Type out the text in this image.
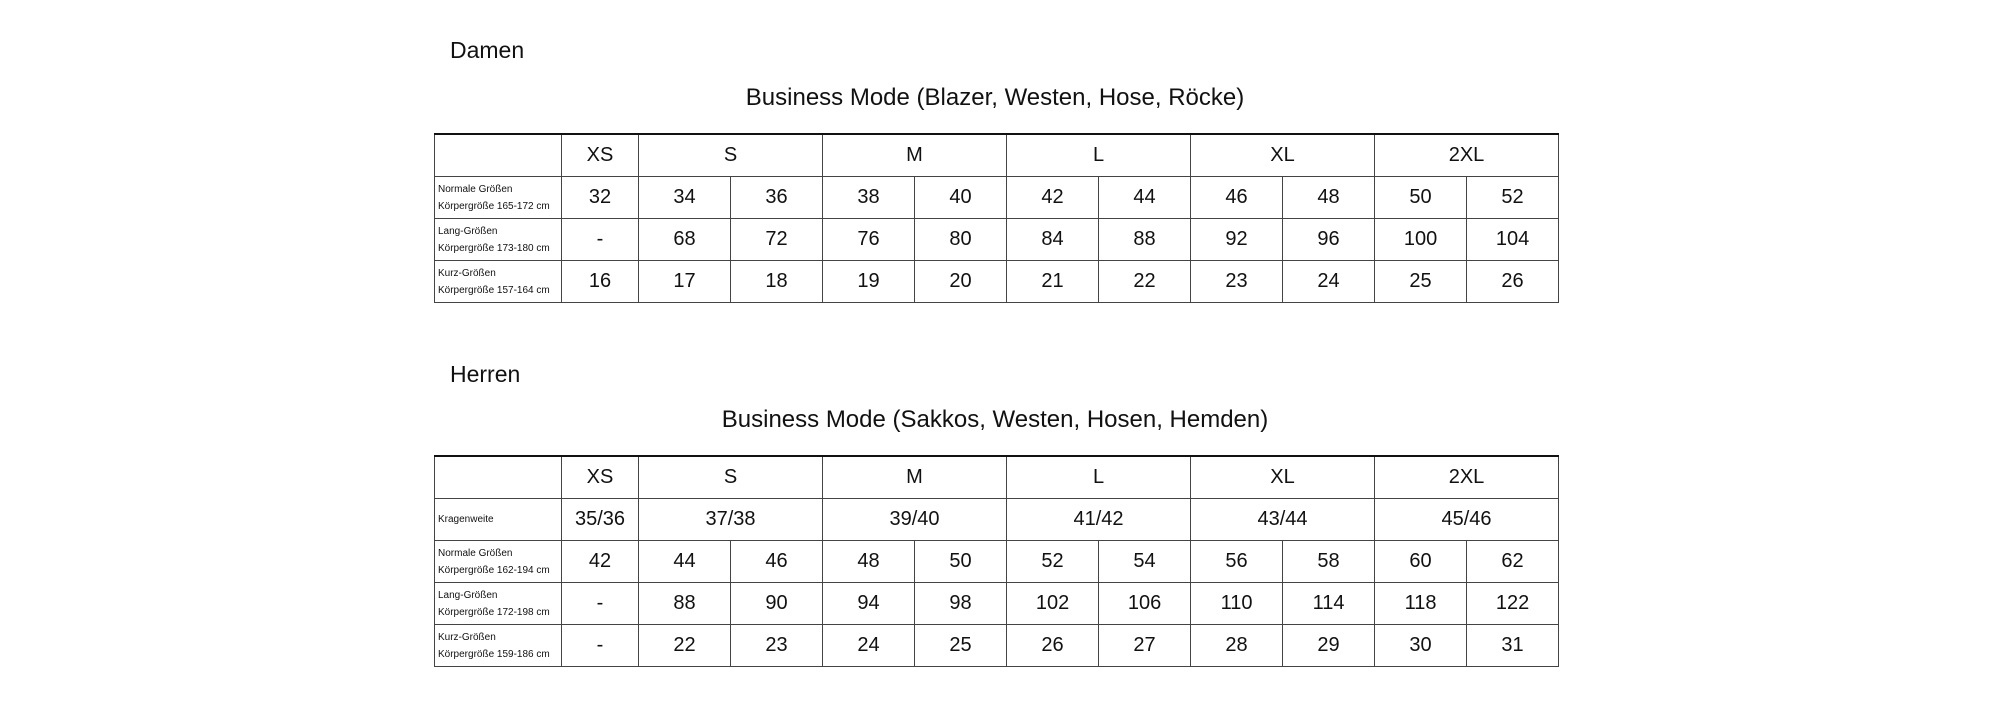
Damen
Business Mode (Blazer, Westen, Hose, Röcke)
	XS	S		M		L		XL		2XL	

Normale Größen
Körpergröße 165-172 cm	32	34	36	38	40	42	44	46	48	50	52

Lang-Größen
Körpergröße 173-180 cm	-	68	72	76	80	84	88	92	96	100	104

Kurz-Größen
Körpergröße 157-164 cm	16	17	18	19	20	21	22	23	24	25	26
Herren
Business Mode (Sakkos, Westen, Hosen, Hemden)
	XS	S		M		L		XL		2XL	

Kragenweite	35/36	37/38		39/40		41/42		43/44		45/46	

Normale Größen
Körpergröße 162-194 cm	42	44	46	48	50	52	54	56	58	60	62

Lang-Größen
Körpergröße 172-198 cm	-	88	90	94	98	102	106	110	114	118	122

Kurz-Größen
Körpergröße 159-186 cm	-	22	23	24	25	26	27	28	29	30	31
